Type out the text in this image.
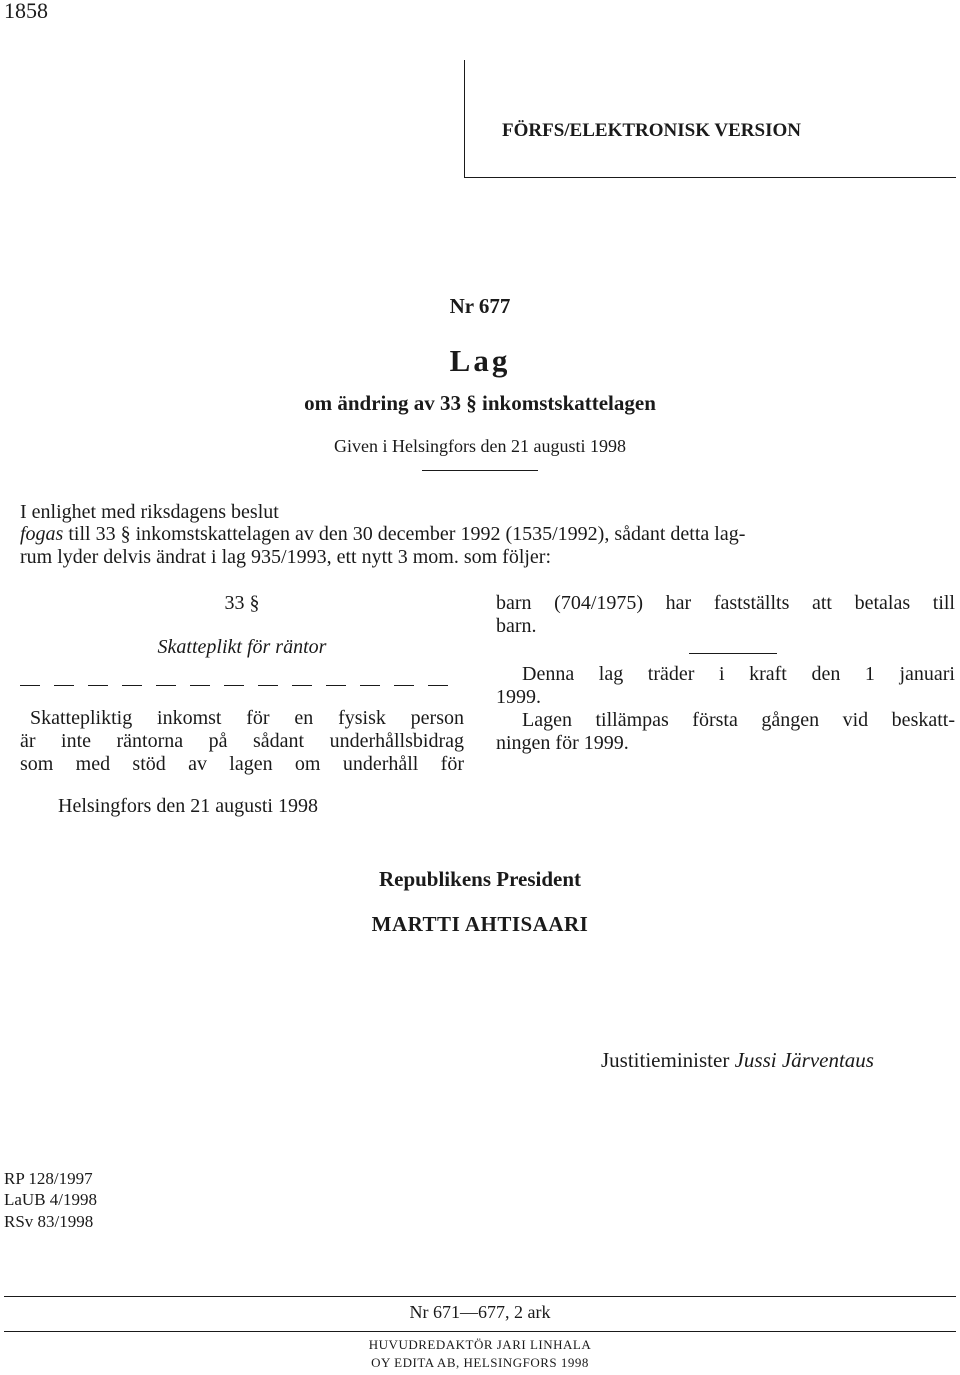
1858
FÖRFS/ELEKTRONISK VERSION
Nr 677
Lag
om ändring av 33 § inkomstskattelagen
Given i Helsingfors den 21 augusti 1998
I enlighet med riksdagens beslut
fogas till 33 § inkomstskattelagen av den 30 december 1992 (1535/1992), sådant detta lag-
rum lyder delvis ändrat i lag 935/1993, ett nytt 3 mom. som följer:
33 §
Skatteplikt för räntor
Skattepliktig inkomst för en fysisk person
är inte räntorna på sådant underhållsbidrag
som med stöd av lagen om underhåll för
barn (704/1975) har fastställts att betalas till
barn.
Denna lag träder i kraft den 1 januari
1999.
Lagen tillämpas första gången vid beskatt-
ningen för 1999.
Helsingfors den 21 augusti 1998
Republikens President
MARTTI AHTISAARI
Justitieminister Jussi Järventaus
RP 128/1997
LaUB 4/1998
RSv 83/1998
Nr 671—677, 2 ark
HUVUDREDAKTÖR JARI LINHALA
OY EDITA AB, HELSINGFORS 1998
